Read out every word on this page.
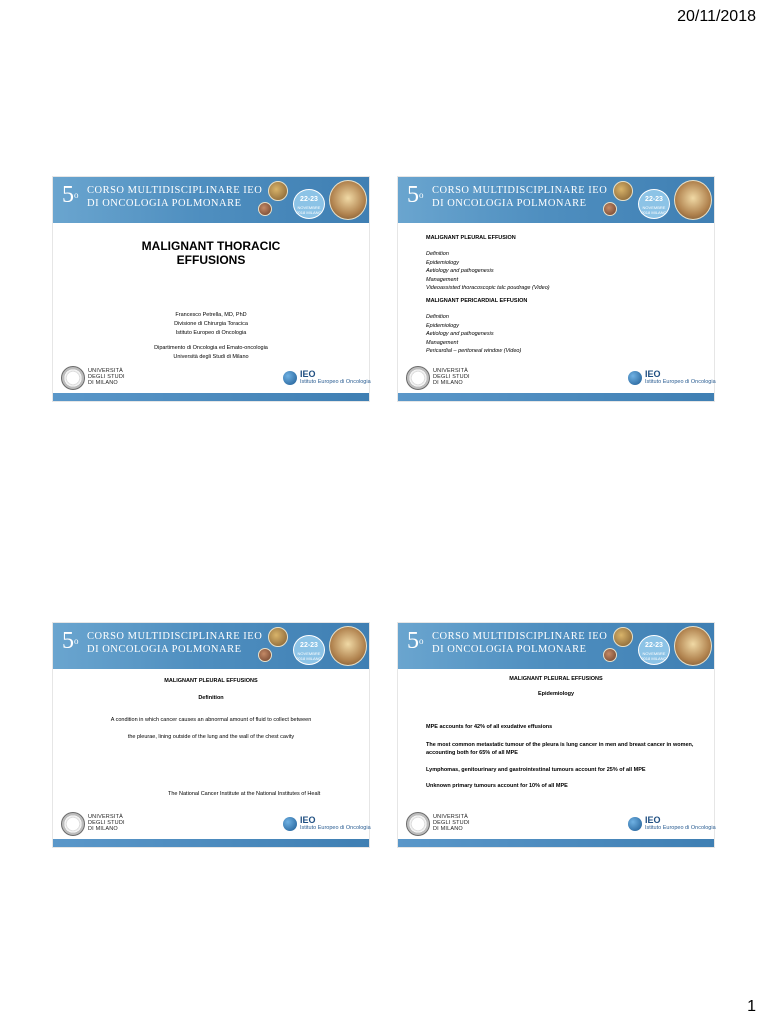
20/11/2018
5$^o$ CORSO MULTIDISCIPLINARE IEO
DI ONCOLOGIA POLMONARE	22-23
NOVEMBRE 2018 MILANO
MALIGNANT THORACIC
EFFUSIONS
Francesco Petrella, MD, PhD
Divisione di Chirurgia Toracica
Istituto Europeo di Oncologia
Dipartimento di Oncologia ed Emato-oncologia
Università degli Studi di Milano
UNIVERSITÀ
DEGLI STUDI
DI MILANO
IEO
Istituto Europeo di Oncologia
5$^o$ CORSO MULTIDISCIPLINARE IEO
DI ONCOLOGIA POLMONARE	22-23
NOVEMBRE 2018 MILANO
MALIGNANT PLEURAL EFFUSION
Definition
Epidemiology
Aetiology and pathogenesis
Management
Videoassisted thoracoscopic talc poudrage (Video)
MALIGNANT PERICARDIAL EFFUSION
Definition
Epidemiology
Aetiology and pathogenesis
Management
Pericardial – peritoneal window (Video)
UNIVERSITÀ
DEGLI STUDI
DI MILANO
IEO
Istituto Europeo di Oncologia
5$^o$ CORSO MULTIDISCIPLINARE IEO
DI ONCOLOGIA POLMONARE	22-23
NOVEMBRE 2018 MILANO
MALIGNANT PLEURAL EFFUSIONS
Definition
A condition in which cancer causes an abnormal amount of fluid to collect between
the pleurae, lining outside of the lung and the wall of the chest cavity
The National Cancer Institute at the National Institutes of Healt
UNIVERSITÀ
DEGLI STUDI
DI MILANO
IEO
Istituto Europeo di Oncologia
5$^o$ CORSO MULTIDISCIPLINARE IEO
DI ONCOLOGIA POLMONARE	22-23
NOVEMBRE 2018 MILANO
MALIGNANT PLEURAL EFFUSIONS
Epidemiology
MPE accounts for 42% of all exudative effusions
The most common metastatic tumour of the pleura is lung cancer in men and breast cancer in women, accounting both for 65% of all MPE
Lymphomas, genitourinary and gastrointestinal tumours account for 25% of all MPE
Unknown primary tumours account for 10% of all MPE
UNIVERSITÀ
DEGLI STUDI
DI MILANO
IEO
Istituto Europeo di Oncologia
1
